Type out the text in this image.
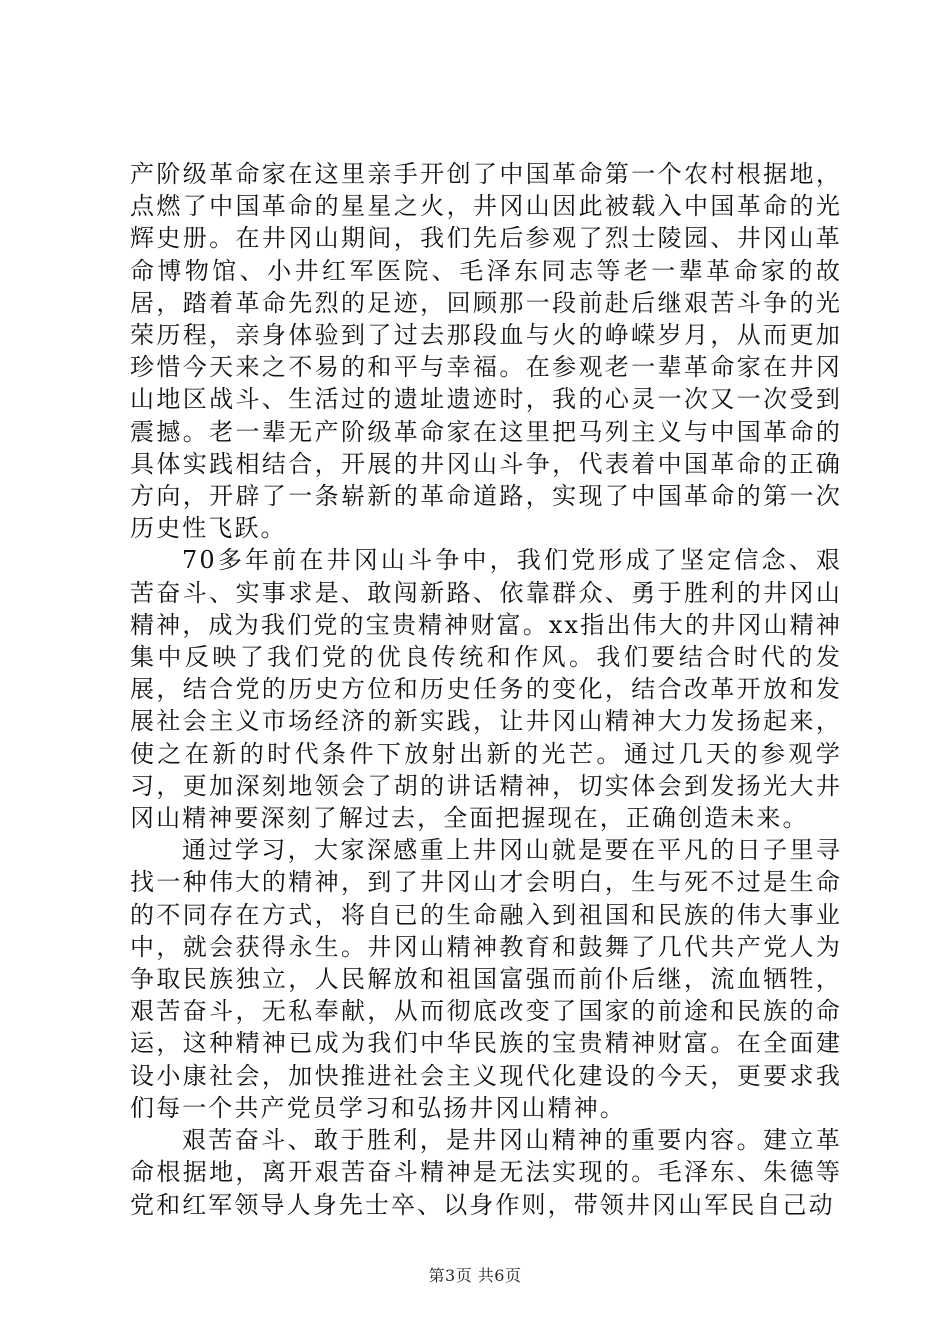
产阶级革命家在这里亲手开创了中国革命第一个农村根据地，点燃了中国革命的星星之火，井冈山因此被载入中国革命的光辉史册。在井冈山期间，我们先后参观了烈士陵园、井冈山革命博物馆、小井红军医院、毛泽东同志等老一辈革命家的故居，踏着革命先烈的足迹，回顾那一段前赴后继艰苦斗争的光荣历程，亲身体验到了过去那段血与火的峥嵘岁月，从而更加珍惜今天来之不易的和平与幸福。在参观老一辈革命家在井冈山地区战斗、生活过的遗址遗迹时，我的心灵一次又一次受到震撼。老一辈无产阶级革命家在这里把马列主义与中国革命的具体实践相结合，开展的井冈山斗争，代表着中国革命的正确方向，开辟了一条崭新的革命道路，实现了中国革命的第一次历史性飞跃。

70多年前在井冈山斗争中，我们党形成了坚定信念、艰苦奋斗、实事求是、敢闯新路、依靠群众、勇于胜利的井冈山精神，成为我们党的宝贵精神财富。xx指出伟大的井冈山精神集中反映了我们党的优良传统和作风。我们要结合时代的发展，结合党的历史方位和历史任务的变化，结合改革开放和发展社会主义市场经济的新实践，让井冈山精神大力发扬起来，使之在新的时代条件下放射出新的光芒。通过几天的参观学习，更加深刻地领会了胡的讲话精神，切实体会到发扬光大井冈山精神要深刻了解过去，全面把握现在，正确创造未来。

通过学习，大家深感重上井冈山就是要在平凡的日子里寻找一种伟大的精神，到了井冈山才会明白，生与死不过是生命的不同存在方式，将自已的生命融入到祖国和民族的伟大事业中，就会获得永生。井冈山精神教育和鼓舞了几代共产党人为争取民族独立，人民解放和祖国富强而前仆后继，流血牺牲，艰苦奋斗，无私奉献，从而彻底改变了国家的前途和民族的命运，这种精神已成为我们中华民族的宝贵精神财富。在全面建设小康社会，加快推进社会主义现代化建设的今天，更要求我们每一个共产党员学习和弘扬井冈山精神。

艰苦奋斗、敢于胜利，是井冈山精神的重要内容。建立革命根据地，离开艰苦奋斗精神是无法实现的。毛泽东、朱德等党和红军领导人身先士卒、以身作则，带领井冈山军民自己动

第3页 共6页
